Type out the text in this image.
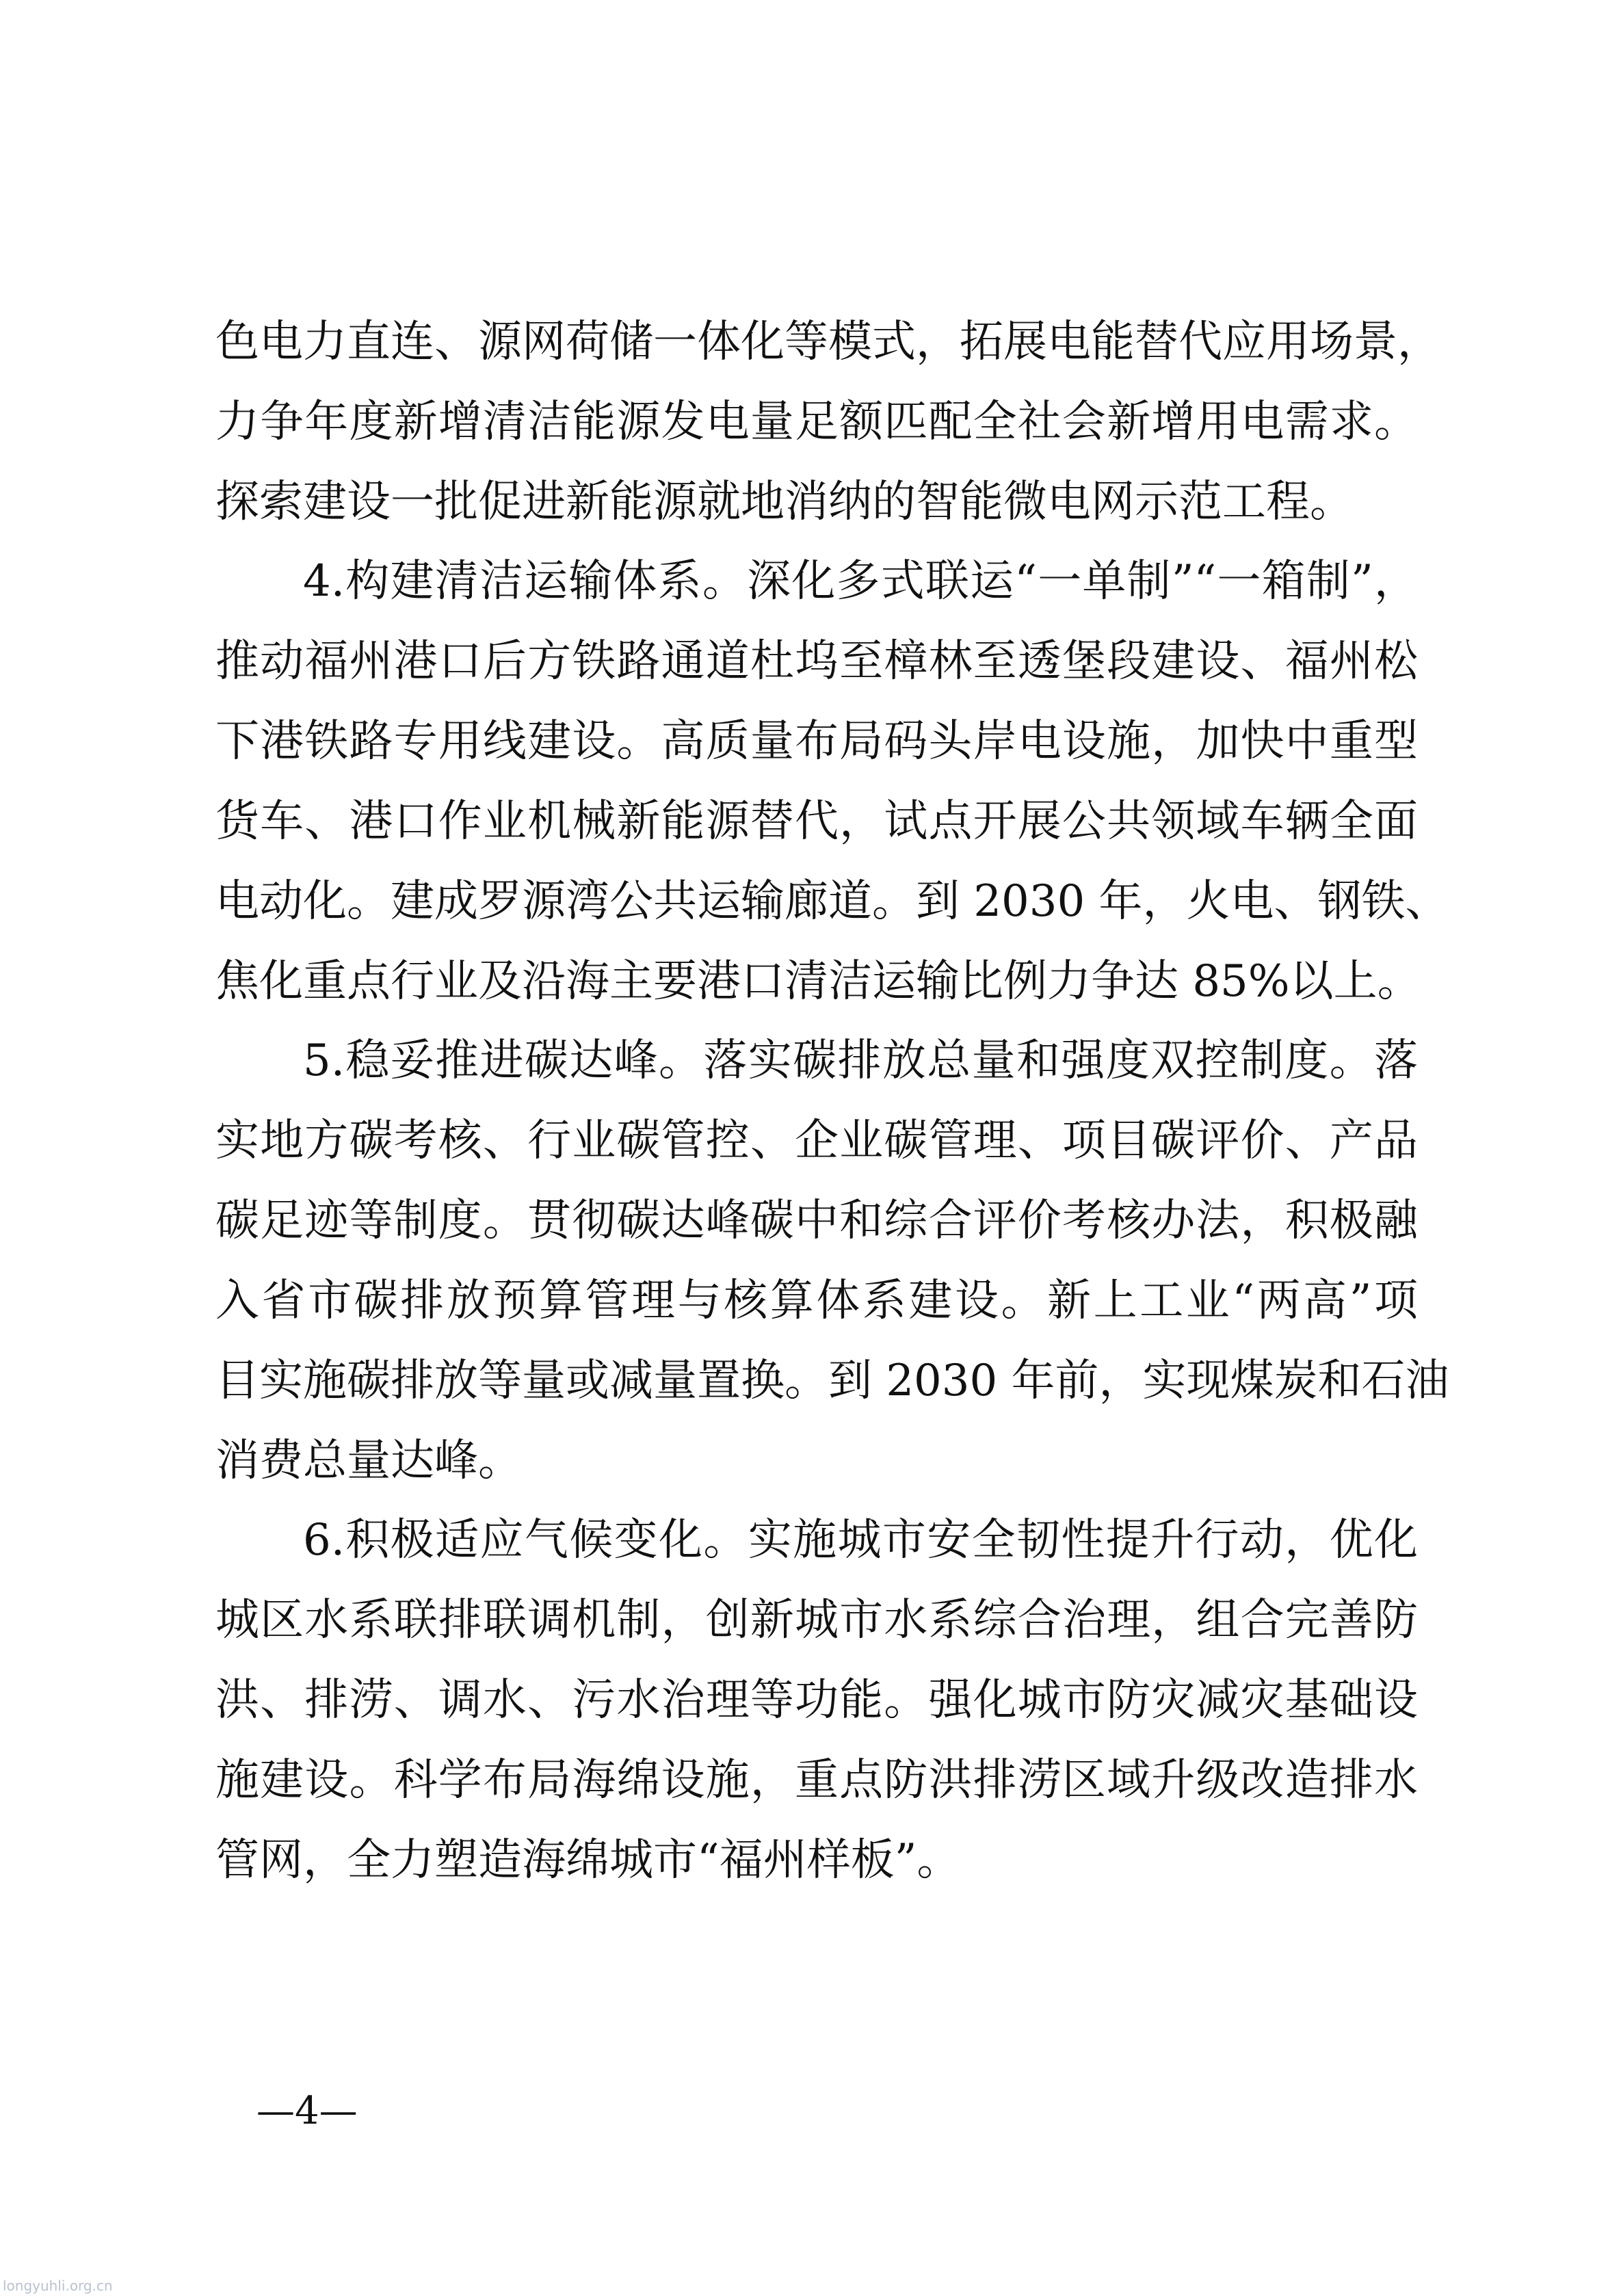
色电力直连、源网荷储一体化等模式，拓展电能替代应用场景，
力争年度新增清洁能源发电量足额匹配全社会新增用电需求。
探索建设一批促进新能源就地消纳的智能微电网示范工程。
4.构建清洁运输体系。深化多式联运“一单制”“一箱制”，
推动福州港口后方铁路通道杜坞至樟林至透堡段建设、福州松
下港铁路专用线建设。高质量布局码头岸电设施，加快中重型
货车、港口作业机械新能源替代，试点开展公共领域车辆全面
电动化。建成罗源湾公共运输廊道。到 2030 年，火电、钢铁、
焦化重点行业及沿海主要港口清洁运输比例力争达 85%以上。
5.稳妥推进碳达峰。落实碳排放总量和强度双控制度。落
实地方碳考核、行业碳管控、企业碳管理、项目碳评价、产品
碳足迹等制度。贯彻碳达峰碳中和综合评价考核办法，积极融
入省市碳排放预算管理与核算体系建设。新上工业“两高”项
目实施碳排放等量或减量置换。到 2030 年前，实现煤炭和石油
消费总量达峰。
6.积极适应气候变化。实施城市安全韧性提升行动，优化
城区水系联排联调机制，创新城市水系综合治理，组合完善防
洪、排涝、调水、污水治理等功能。强化城市防灾减灾基础设
施建设。科学布局海绵设施，重点防洪排涝区域升级改造排水
管网，全力塑造海绵城市“福州样板”。
—4—
longyuhli.org.cn
